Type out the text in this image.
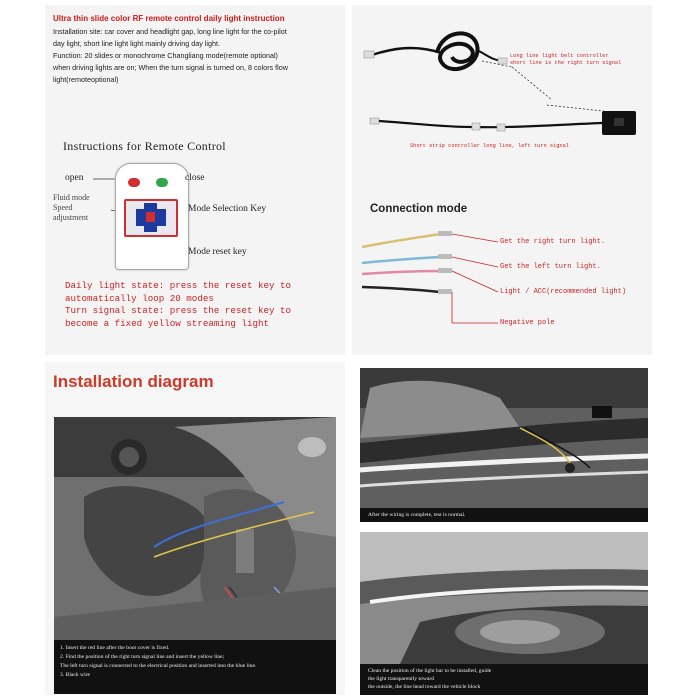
Ultra thin slide color RF remote control daily light instruction
Installation site: car cover and headlight gap, long line light for the co-pilot
day light, short line light light mainly driving day light.
Function: 20 slides or monochrome Changliang mode(remote optional)
when driving lights are on; When the turn signal is turned on, 8 colors flow
light(remoteoptional)
Instructions for Remote Control
open	close
Fluid mode
Speed
adjustment
Mode Selection Key
Mode reset key
Daily light state: press the reset key to
automatically loop 20 modes
Turn signal state: press the reset key to
become a fixed yellow streaming light
Long line light belt controller
short line is the right turn signal
Short strip controller long line, left turn signal
Connection mode
Get the right turn light.
Get the left turn light.
Light / ACC(recommended light)
Negative pole
Installation diagram
1. Insert the red line after the boot cover is fixed.
2. Find the position of the right turn signal line and insert the yellow line;
The left turn signal is connected to the electrical position and inserted into the blue line.
3. Black wire
After the wiring is complete, test is normal.
Clean the position of the light bar to be installed, guide
the light transparently toward
the outside, the line head toward the vehicle block
